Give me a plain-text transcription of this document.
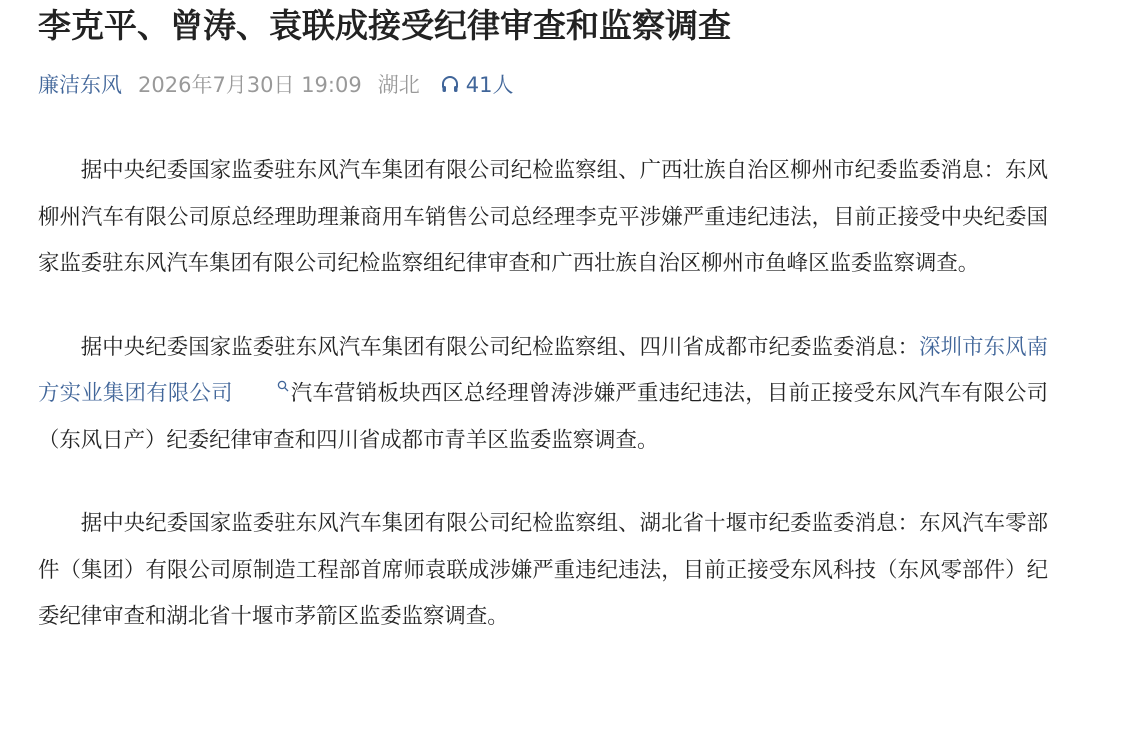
李克平、曾涛、袁联成接受纪律审查和监察调查
廉洁东风 2026年7月30日 19:09 湖北 41人

据中央纪委国家监委驻东风汽车集团有限公司纪检监察组、广西壮族自治区柳州市纪委监委消息：东风柳州汽车有限公司原总经理助理兼商用车销售公司总经理李克平涉嫌严重违纪违法，目前正接受中央纪委国家监委驻东风汽车集团有限公司纪检监察组纪律审查和广西壮族自治区柳州市鱼峰区监委监察调查。

据中央纪委国家监委驻东风汽车集团有限公司纪检监察组、四川省成都市纪委监委消息：深圳市东风南方实业集团有限公司	汽车营销板块西区总经理曾涛涉嫌严重违纪违法，目前正接受东风汽车有限公司（东风日产）纪委纪律审查和四川省成都市青羊区监委监察调查。

据中央纪委国家监委驻东风汽车集团有限公司纪检监察组、湖北省十堰市纪委监委消息：东风汽车零部件（集团）有限公司原制造工程部首席师袁联成涉嫌严重违纪违法，目前正接受东风科技（东风零部件）纪委纪律审查和湖北省十堰市茅箭区监委监察调查。
